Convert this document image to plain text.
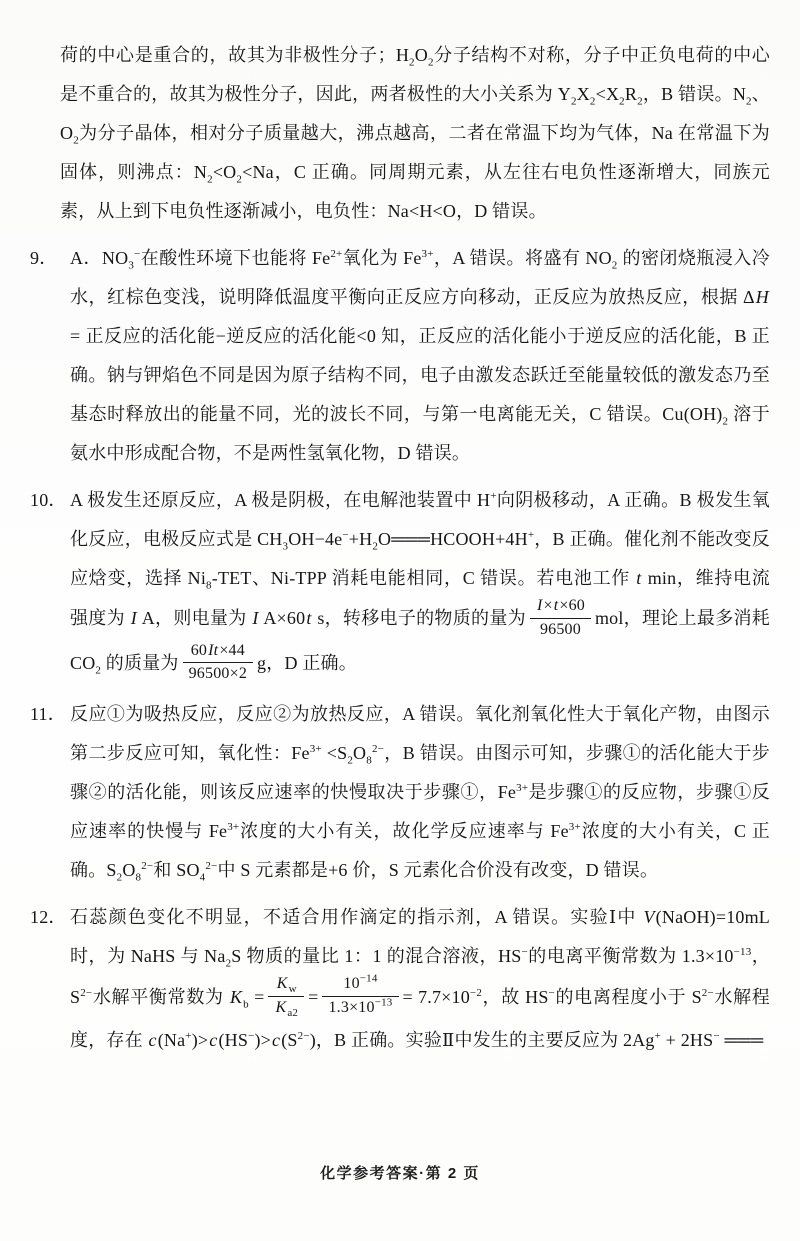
荷的中心是重合的，故其为非极性分子；$H_2O_2$分子结构不对称，分子中正负电荷的中心是不重合的，故其为极性分子，因此，两者极性的大小关系为 $Y_2X_2<X_2R_2$，B 错误。$N_2$、$O_2$为分子晶体，相对分子质量越大，沸点越高，二者在常温下均为气体，Na 在常温下为固体，则沸点：$N_2<O_2<Na$，C 正确。同周期元素，从左往右电负性逐渐增大，同族元素，从上到下电负性逐渐减小，电负性：Na<H<O，D 错误。
9． A．$NO_3^-$在酸性环境下也能将 $Fe^{2+}$氧化为 $Fe^{3+}$，A 错误。将盛有 $NO_2$ 的密闭烧瓶浸入冷水，红棕色变浅，说明降低温度平衡向正反应方向移动，正反应为放热反应，根据 ΔH = 正反应的活化能−逆反应的活化能<0 知，正反应的活化能小于逆反应的活化能，B 正确。钠与钾焰色不同是因为原子结构不同，电子由激发态跃迁至能量较低的激发态乃至基态时释放出的能量不同，光的波长不同，与第一电离能无关，C 错误。$Cu(OH)_2$ 溶于氨水中形成配合物，不是两性氢氧化物，D 错误。
10． A 极发生还原反应，A 极是阴极，在电解池装置中 H+向阴极移动，A 正确。B 极发生氧化反应，电极反应式是 $CH_3OH-4e^-+H_2O═══HCOOH+4H^+$，B 正确。催化剂不能改变反应焓变，选择 $Ni_8$-TET、Ni-TPP 消耗电能相同，C 错误。若电池工作 t min，维持电流强度为 I A，则电量为 I A×60t s，转移电子的物质的量为 $\frac{I\times t\times 60}{96500}$ mol，理论上最多消耗 $CO_2$ 的质量为 $\frac{60It\times 44}{96500\times 2}$ g，D 正确。
11． 反应①为吸热反应，反应②为放热反应，A 错误。氧化剂氧化性大于氧化产物，由图示第二步反应可知，氧化性：$Fe^{3+} <S_2O_8^{2-}$，B 错误。由图示可知，步骤①的活化能大于步骤②的活化能，则该反应速率的快慢取决于步骤①，$Fe^{3+}$是步骤①的反应物，步骤①反应速率的快慢与 $Fe^{3+}$浓度的大小有关，故化学反应速率与 $Fe^{3+}$浓度的大小有关，C 正确。$S_2O_8^{2-}$和 $SO_4^{2-}$中 S 元素都是+6 价，S 元素化合价没有改变，D 错误。
12． 石蕊颜色变化不明显，不适合用作滴定的指示剂，A 错误。实验Ⅰ中 V(NaOH)=10mL 时，为 NaHS 与 $Na_2S$ 物质的量比 1：1 的混合溶液，HS−的电离平衡常数为 $1.3\times 10^{-13}$，$S^{2-}$水解平衡常数为 $K_b = \frac{K_w}{K_{a2}} = \frac{10^{-14}}{1.3\times 10^{-13}} = 7.7\times 10^{-2}$，故 HS−的电离程度小于 $S^{2-}$水解程度，存在 $c(Na^+)>c(HS^-)>c(S^{2-})$，B 正确。实验Ⅱ中发生的主要反应为 2Ag+ + 2HS− ═══
化学参考答案·第 2 页
